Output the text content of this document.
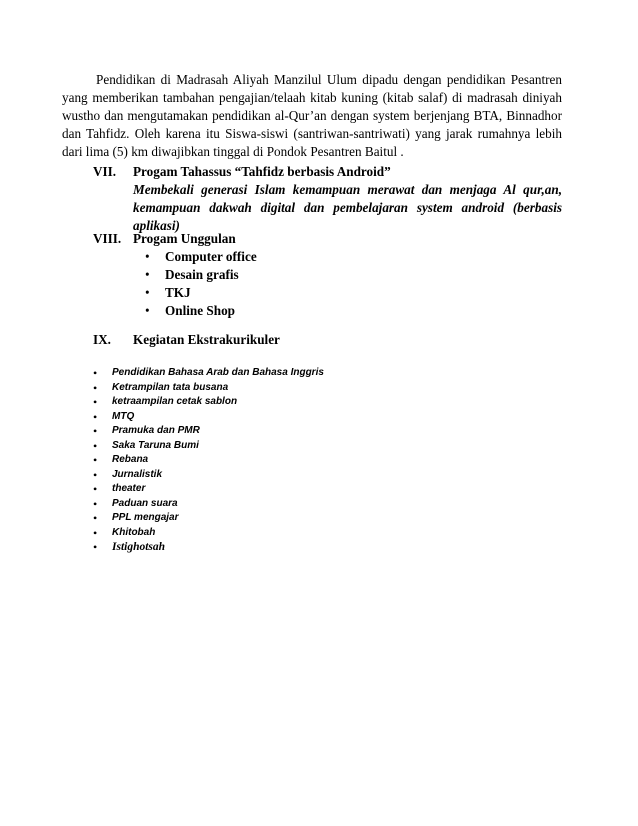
Pendidikan di Madrasah Aliyah Manzilul Ulum dipadu dengan pendidikan Pesantren yang memberikan tambahan pengajian/telaah kitab kuning (kitab salaf) di madrasah diniyah wustho dan mengutamakan pendidikan al-Qur’an dengan system berjenjang BTA, Binnadhor dan Tahfidz. Oleh karena itu Siswa-siswi (santriwan-santriwati) yang jarak rumahnya lebih dari lima (5) km diwajibkan tinggal di Pondok Pesantren Baitul .

VII.	Progam Tahassus “Tahfidz berbasis Android”
Membekali generasi Islam kemampuan merawat dan menjaga Al qur,an,
kemampuan dakwah digital dan pembelajaran system android (berbasis aplikasi)
VIII. Progam Unggulan
•	Computer office
•	Desain grafis
•	TKJ
•	Online Shop
IX.	Kegiatan Ekstrakurikuler
•	Pendidikan Bahasa Arab dan Bahasa Inggris
•	Ketrampilan tata busana
•	ketraampilan cetak sablon
•	MTQ
•	Pramuka dan PMR
•	Saka Taruna Bumi
•	Rebana
•	Jurnalistik
•	theater
•	Paduan suara
•	PPL mengajar
•	Khitobah
•	Istighotsah
